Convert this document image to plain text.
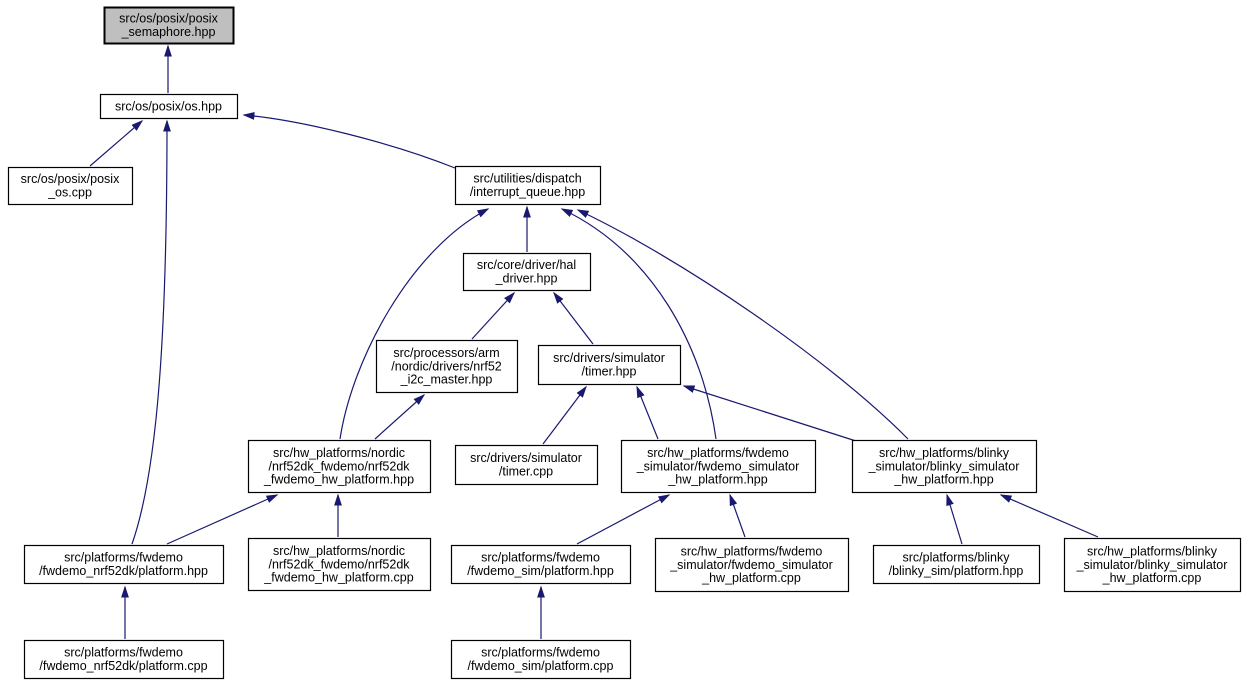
src/os/posix/posix _semaphore.hpp
src/os/posix/os.hpp
src/os/posix/posix _os.cpp
src/utilities/dispatch /interrupt_queue.hpp
src/core/driver/hal _driver.hpp
src/processors/arm /nordic/drivers/nrf52 _i2c_master.hpp
src/drivers/simulator /timer.hpp
src/hw_platforms/nordic /nrf52dk_fwdemo/nrf52dk _fwdemo_hw_platform.hpp
src/drivers/simulator /timer.cpp
src/hw_platforms/fwdemo _simulator/fwdemo_simulator _hw_platform.hpp
src/hw_platforms/blinky _simulator/blinky_simulator _hw_platform.hpp
src/platforms/fwdemo /fwdemo_nrf52dk/platform.hpp
src/hw_platforms/nordic /nrf52dk_fwdemo/nrf52dk _fwdemo_hw_platform.cpp
src/platforms/fwdemo /fwdemo_sim/platform.hpp
src/hw_platforms/fwdemo _simulator/fwdemo_simulator _hw_platform.cpp
src/platforms/blinky /blinky_sim/platform.hpp
src/hw_platforms/blinky _simulator/blinky_simulator _hw_platform.cpp
src/platforms/fwdemo /fwdemo_nrf52dk/platform.cpp
src/platforms/fwdemo /fwdemo_sim/platform.cpp
